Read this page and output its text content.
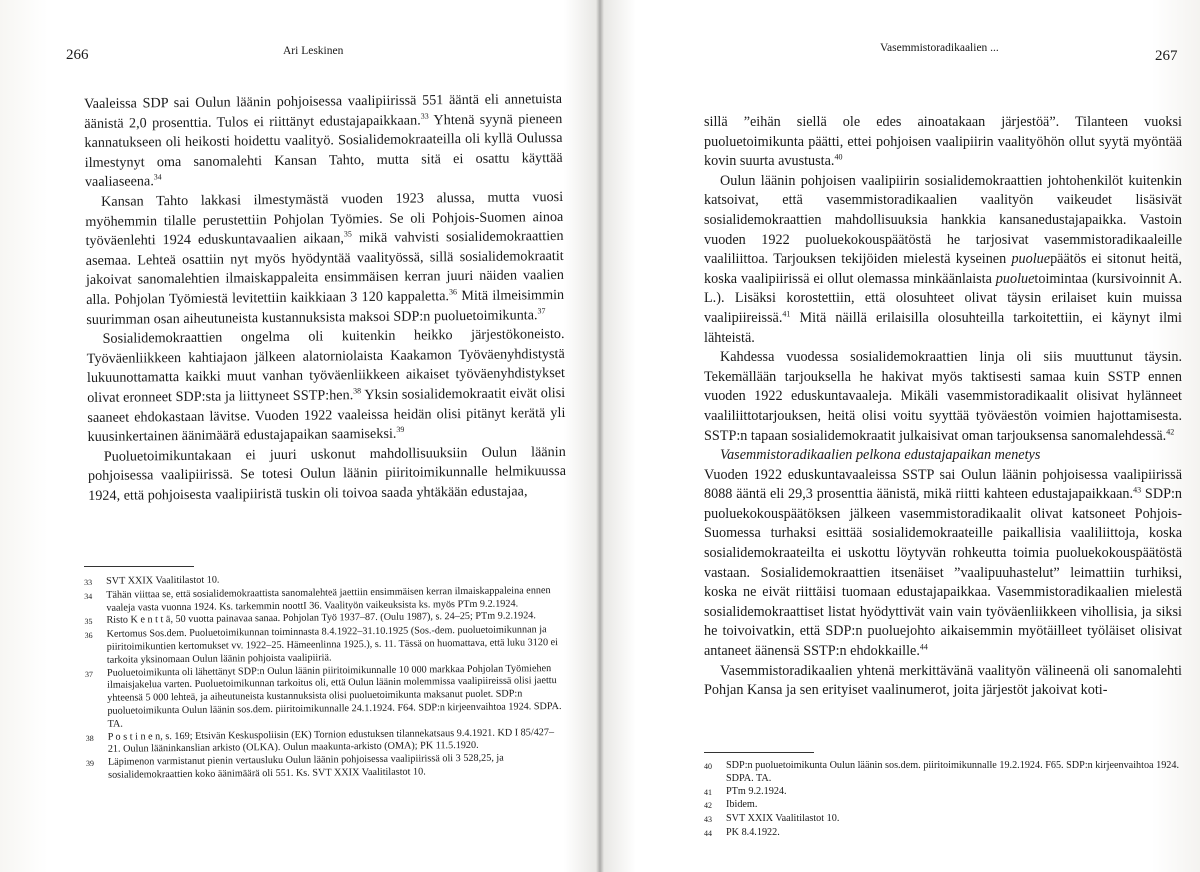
266	Ari Leskinen

Vaaleissa SDP sai Oulun läänin pohjoisessa vaalipiirissä 551 ääntä eli annetuista äänistä 2,0 prosenttia. Tulos ei riittänyt edustajapaikkaan.$^{33}$ Yhtenä syynä pieneen kannatukseen oli heikosti hoidettu vaalityö. Sosialidemokraateilla oli kyllä Oulussa ilmestynyt oma sanomalehti Kansan Tahto, mutta sitä ei osattu käyttää vaaliaseena.$^{34}$

Kansan Tahto lakkasi ilmestymästä vuoden 1923 alussa, mutta vuosi myöhemmin tilalle perustettiin Pohjolan Työmies. Se oli Pohjois-Suomen ainoa työväenlehti 1924 eduskuntavaalien aikaan,$^{35}$ mikä vahvisti sosialidemokraattien asemaa. Lehteä osattiin nyt myös hyödyntää vaalityössä, sillä sosialidemokraatit jakoivat sanomalehtien ilmaiskappaleita ensimmäisen kerran juuri näiden vaalien alla. Pohjolan Työmiestä levitettiin kaikkiaan 3 120 kappaletta.$^{36}$ Mitä ilmeisimmin suurimman osan aiheutuneista kustannuksista maksoi SDP:n puoluetoimikunta.$^{37}$

Sosialidemokraattien ongelma oli kuitenkin heikko järjestökoneisto. Työväenliikkeen kahtiajaon jälkeen alatorniolaista Kaakamon Työväenyhdistystä lukuunottamatta kaikki muut vanhan työväenliikkeen aikaiset työväenyhdistykset olivat eronneet SDP:sta ja liittyneet SSTP:hen.$^{38}$ Yksin sosialidemokraatit eivät olisi saaneet ehdokastaan lävitse. Vuoden 1922 vaaleissa heidän olisi pitänyt kerätä yli kuusinkertainen äänimäärä edustajapaikan saamiseksi.$^{39}$

Puoluetoimikuntakaan ei juuri uskonut mahdollisuuksiin Oulun läänin pohjoisessa vaalipiirissä. Se totesi Oulun läänin piiritoimikunnalle helmikuussa 1924, että pohjoisesta vaalipiiristä tuskin oli toivoa saada yhtäkään edustajaa,

33	SVT XXIX Vaalitilastot 10.
34	Tähän viittaa se, että sosialidemokraattista sanomalehteä jaettiin ensimmäisen kerran ilmaiskappaleina ennen vaaleja vasta vuonna 1924. Ks. tarkemmin noottI 36. Vaalityön vaikeuksista ks. myös PTm 9.2.1924.
35	Risto K e n t t ä, 50 vuotta painavaa sanaa. Pohjolan Työ 1937–87. (Oulu 1987), s. 24–25; PTm 9.2.1924.
36	Kertomus Sos.dem. Puoluetoimikunnan toiminnasta 8.4.1922–31.10.1925 (Sos.-dem. puoluetoimikunnan ja piiritoimikuntien kertomukset vv. 1922–25. Hämeenlinna 1925.), s. 11. Tässä on huomattava, että luku 3120 ei tarkoita yksinomaan Oulun läänin pohjoista vaalipiiriä.
37	Puoluetoimikunta oli lähettänyt SDP:n Oulun läänin piiritoimikunnalle 10 000 markkaa Pohjolan Työmiehen ilmaisjakelua varten. Puoluetoimikunnan tarkoitus oli, että Oulun läänin molemmissa vaalipiireissä olisi jaettu yhteensä 5 000 lehteä, ja aiheutuneista kustannuksista olisi puoluetoimikunta maksanut puolet. SDP:n puoluetoimikunta Oulun läänin sos.dem. piiritoimikunnalle 24.1.1924. F64. SDP:n kirjeenvaihtoa 1924. SDPA. TA.
38	P o s t i n e n, s. 169; Etsivän Keskuspoliisin (EK) Tornion edustuksen tilannekatsaus 9.4.1921. KD I 85/427–21. Oulun lääninkanslian arkisto (OLKA). Oulun maakunta-arkisto (OMA); PK 11.5.1920.
39	Läpimenon varmistanut pienin vertausluku Oulun läänin pohjoisessa vaalipiirissä oli 3 528,25, ja sosialidemokraattien koko äänimäärä oli 551. Ks. SVT XXIX Vaalitilastot 10.
267
Vasemmistoradikaalien ...

sillä ”eihän siellä ole edes ainoatakaan järjestöä”. Tilanteen vuoksi puoluetoimikunta päätti, ettei pohjoisen vaalipiirin vaalityöhön ollut syytä myöntää kovin suurta avustusta.$^{40}$

Oulun läänin pohjoisen vaalipiirin sosialidemokraattien johtohenkilöt kuitenkin katsoivat, että vasemmistoradikaalien vaalityön vaikeudet lisäsivät sosialidemokraattien mahdollisuuksia hankkia kansanedustajapaikka. Vastoin vuoden 1922 puoluekokouspäätöstä he tarjosivat vasemmistoradikaaleille vaaliliittoa. Tarjouksen tekijöiden mielestä kyseinen puoluepäätös ei sitonut heitä, koska vaalipiirissä ei ollut olemassa minkäänlaista puoluetoimintaa (kursivoinnit A. L.). Lisäksi korostettiin, että olosuhteet olivat täysin erilaiset kuin muissa vaalipiireissä.$^{41}$ Mitä näillä erilaisilla olosuhteilla tarkoitettiin, ei käynyt ilmi lähteistä.

Kahdessa vuodessa sosialidemokraattien linja oli siis muuttunut täysin. Tekemällään tarjouksella he hakivat myös taktisesti samaa kuin SSTP ennen vuoden 1922 eduskuntavaaleja. Mikäli vasemmistoradikaalit olisivat hylänneet vaaliliittotarjouksen, heitä olisi voitu syyttää työväestön voimien hajottamisesta. SSTP:n tapaan sosialidemokraatit julkaisivat oman tarjouksensa sanomalehdessä.$^{42}$

Vasemmistoradikaalien pelkona edustajapaikan menetys

Vuoden 1922 eduskuntavaaleissa SSTP sai Oulun läänin pohjoisessa vaalipiirissä 8088 ääntä eli 29,3 prosenttia äänistä, mikä riitti kahteen edustajapaikkaan.$^{43}$ SDP:n puoluekokouspäätöksen jälkeen vasemmistoradikaalit olivat katsoneet Pohjois-Suomessa turhaksi esittää sosialidemokraateille paikallisia vaaliliittoja, koska sosialidemokraateilta ei uskottu löytyvän rohkeutta toimia puoluekokouspäätöstä vastaan. Sosialidemokraattien itsenäiset ”vaalipuuhastelut” leimattiin turhiksi, koska ne eivät riittäisi tuomaan edustajapaikkaa. Vasemmistoradikaalien mielestä sosialidemokraattiset listat hyödyttivät vain vain työväenliikkeen vihollisia, ja siksi he toivoivatkin, että SDP:n puoluejohto aikaisemmin myötäilleet työläiset olisivat antaneet äänensä SSTP:n ehdokkaille.$^{44}$

Vasemmistoradikaalien yhtenä merkittävänä vaalityön välineenä oli sanomalehti Pohjan Kansa ja sen erityiset vaalinumerot, joita järjestöt jakoivat koti-

40	SDP:n puoluetoimikunta Oulun läänin sos.dem. piiritoimikunnalle 19.2.1924. F65. SDP:n kirjeenvaihtoa 1924. SDPA. TA.
41	PTm 9.2.1924.
42	Ibidem.
43	SVT XXIX Vaalitilastot 10.
44	PK 8.4.1922.
